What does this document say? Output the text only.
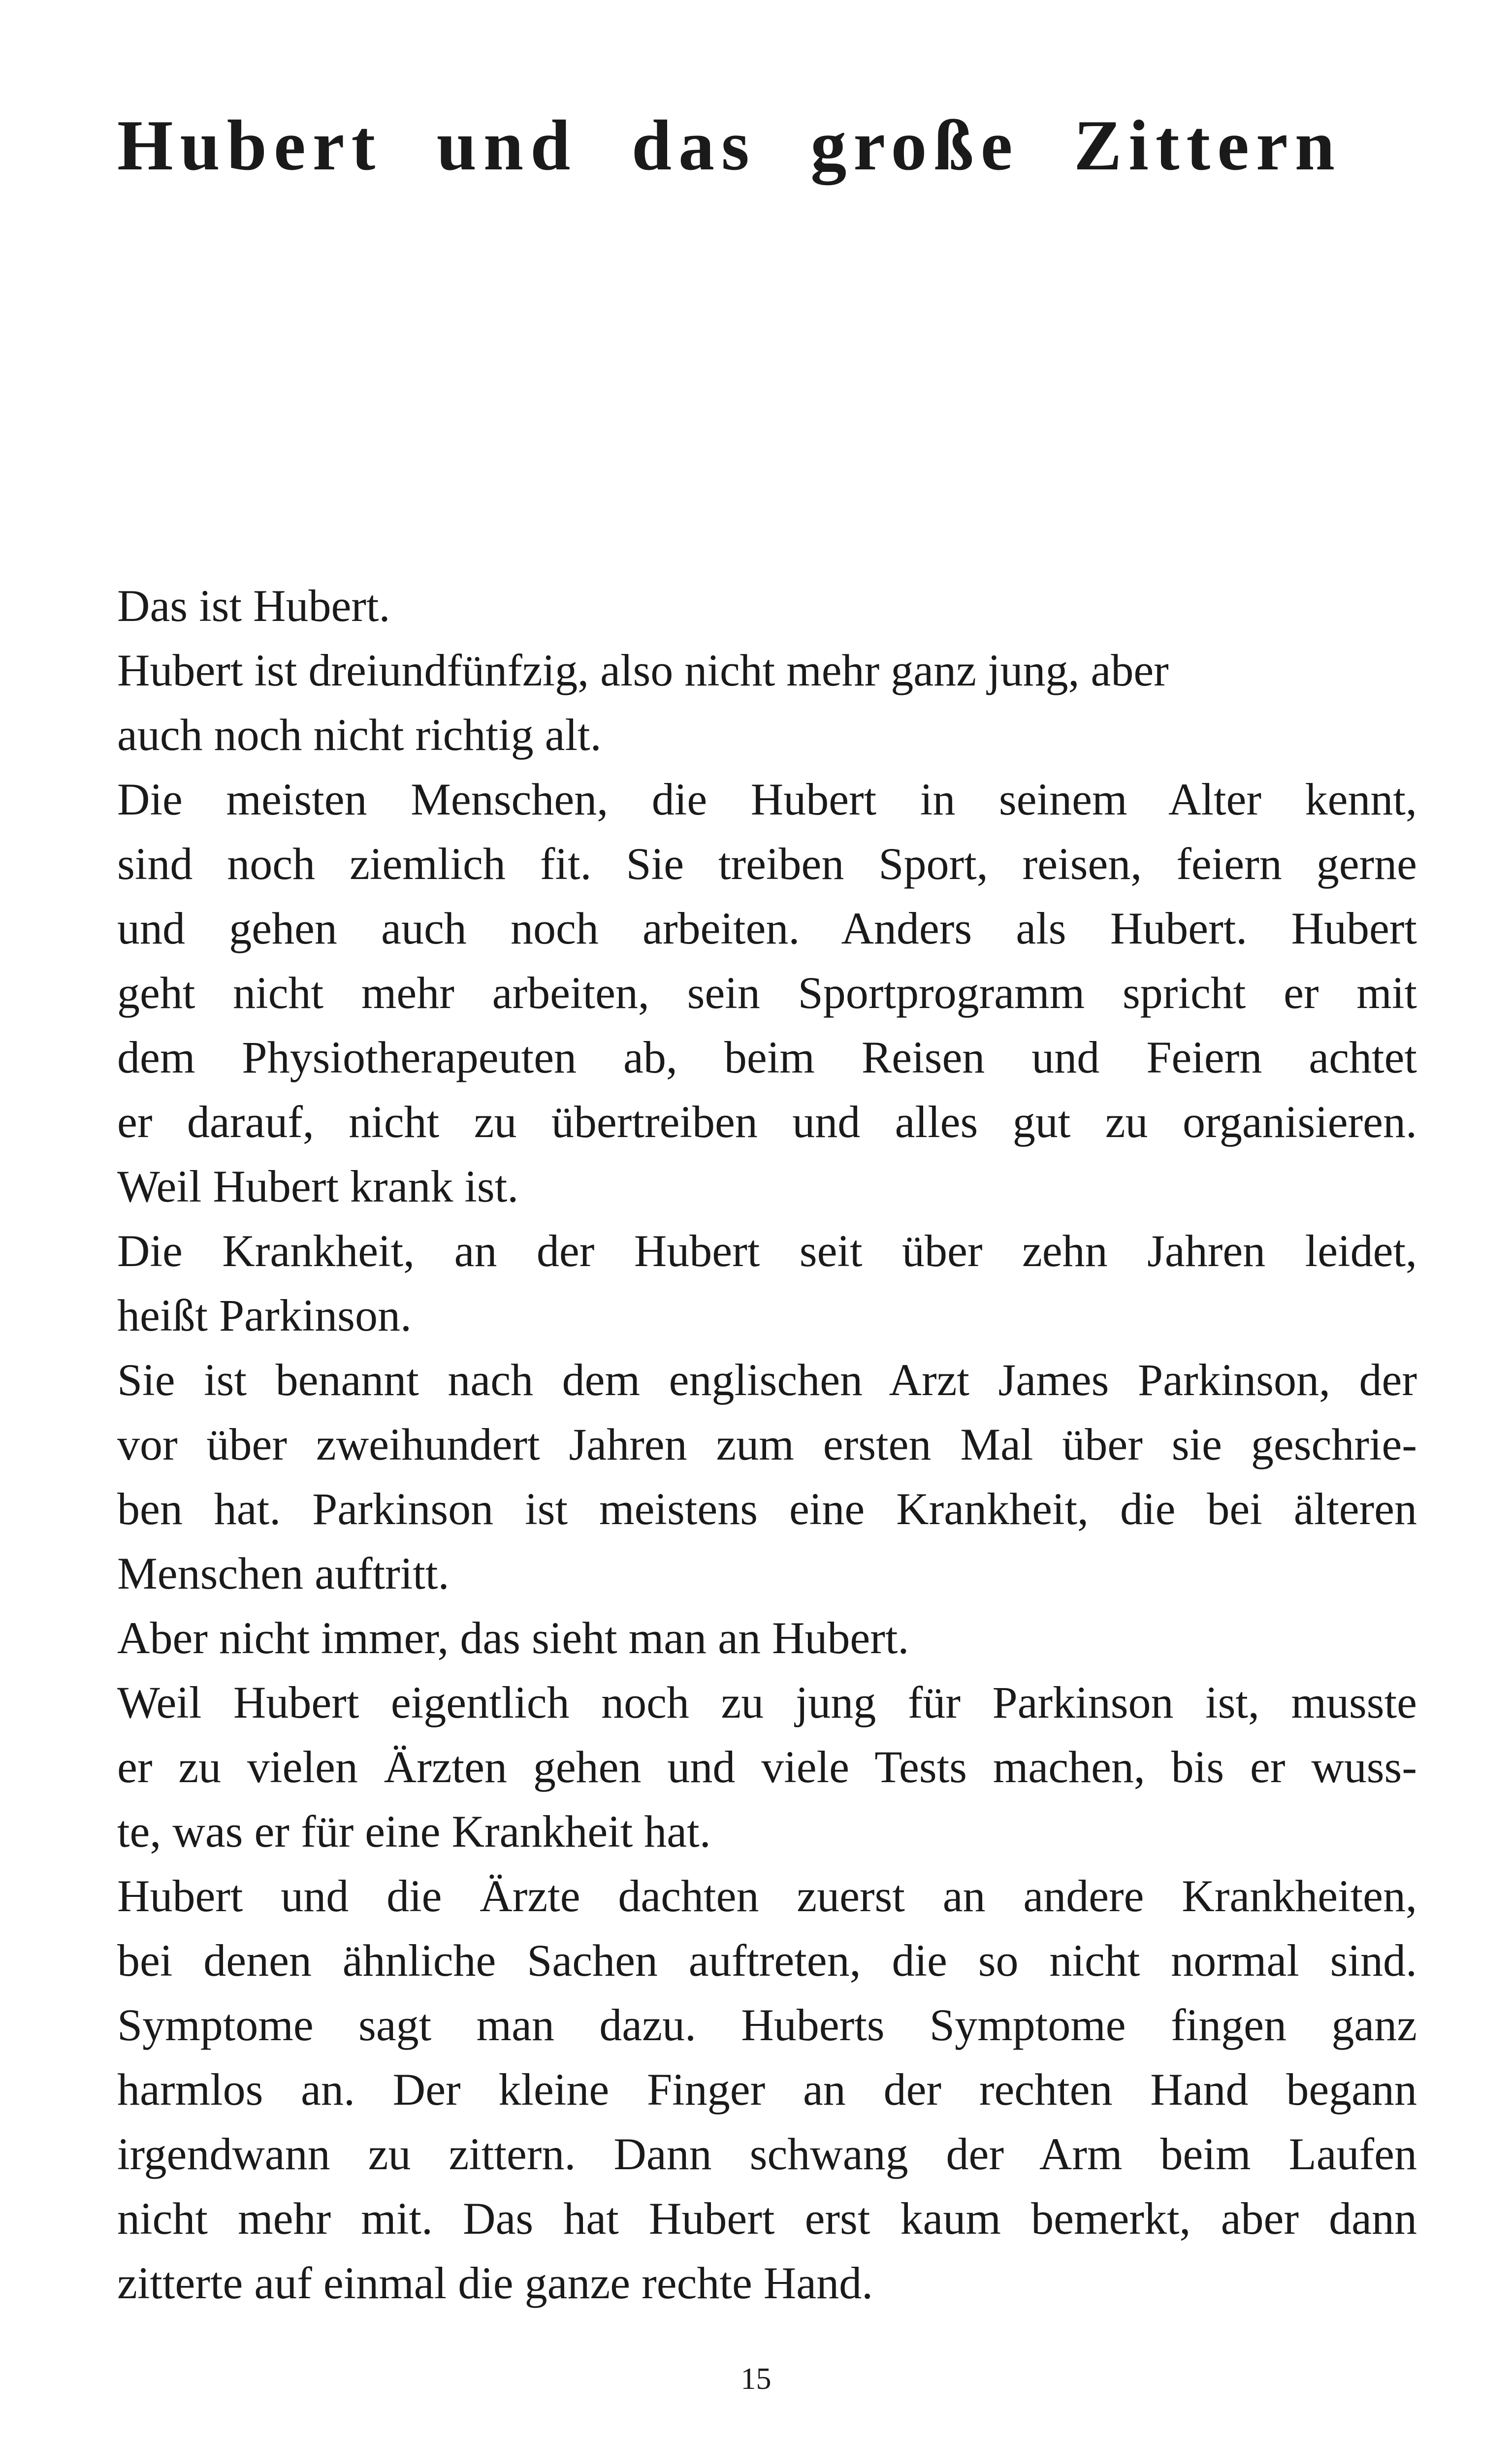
Hubert und das große Zittern
Das ist Hubert.
Hubert ist dreiundfünfzig, also nicht mehr ganz jung, aber
auch noch nicht richtig alt.
Die meisten Menschen, die Hubert in seinem Alter kennt,
sind noch ziemlich fit. Sie treiben Sport, reisen, feiern gerne
und gehen auch noch arbeiten. Anders als Hubert. Hubert
geht nicht mehr arbeiten, sein Sportprogramm spricht er mit
dem Physiotherapeuten ab, beim Reisen und Feiern achtet
er darauf, nicht zu übertreiben und alles gut zu organisieren.
Weil Hubert krank ist.
Die Krankheit, an der Hubert seit über zehn Jahren leidet,
heißt Parkinson.
Sie ist benannt nach dem englischen Arzt James Parkinson, der
vor über zweihundert Jahren zum ersten Mal über sie geschrie-
ben hat. Parkinson ist meistens eine Krankheit, die bei älteren
Menschen auftritt.
Aber nicht immer, das sieht man an Hubert.
Weil Hubert eigentlich noch zu jung für Parkinson ist, musste
er zu vielen Ärzten gehen und viele Tests machen, bis er wuss-
te, was er für eine Krankheit hat.
Hubert und die Ärzte dachten zuerst an andere Krankheiten,
bei denen ähnliche Sachen auftreten, die so nicht normal sind.
Symptome sagt man dazu. Huberts Symptome fingen ganz
harmlos an. Der kleine Finger an der rechten Hand begann
irgendwann zu zittern. Dann schwang der Arm beim Laufen
nicht mehr mit. Das hat Hubert erst kaum bemerkt, aber dann
zitterte auf einmal die ganze rechte Hand.
15
